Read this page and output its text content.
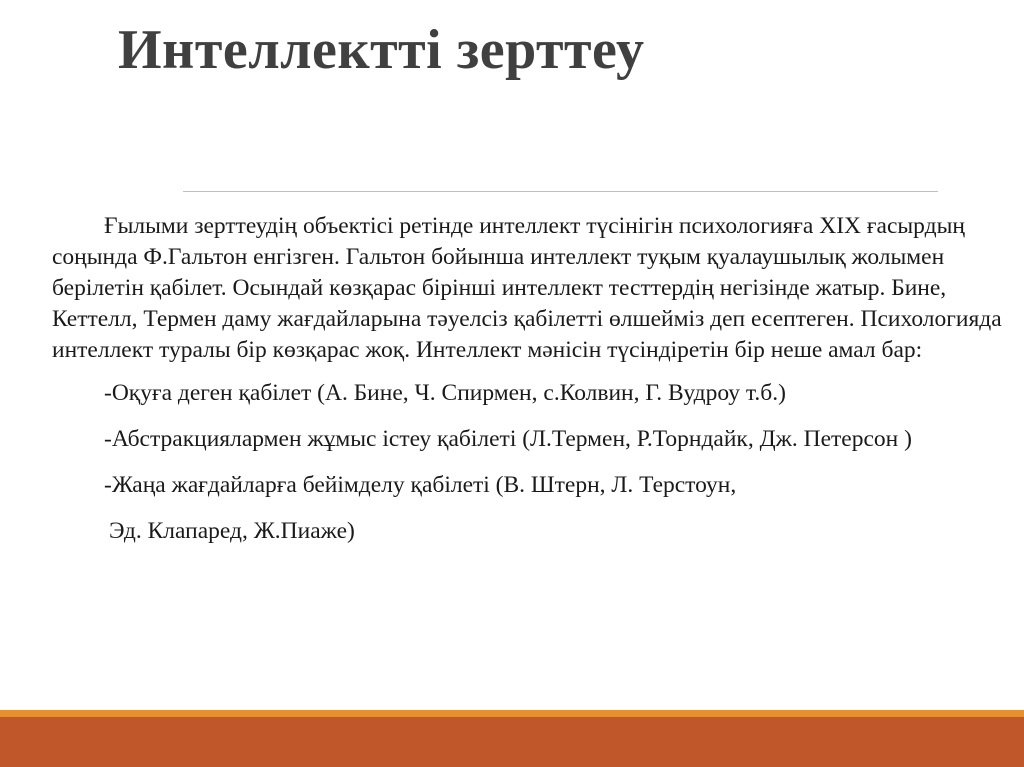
Интеллектті зерттеу

Ғылыми зерттеудің объектісі ретінде интеллект түсінігін психологияға XIX ғасырдың соңында Ф.Гальтон енгізген. Гальтон бойынша интеллект туқым қуалаушылық жолымен берілетін қабілет. Осындай көзқарас бірінші интеллект тесттердің негізінде жатыр. Бине, Кеттелл, Термен даму жағдайларына тәуелсіз қабілетті өлшейміз деп есептеген. Психологияда интеллект туралы бір көзқарас жоқ. Интеллект мәнісін түсіндіретін бір неше амал бар:

-Оқуға деген қабілет (А. Бине, Ч. Спирмен, с.Колвин, Г. Вудроу т.б.)

-Абстракциялармен жұмыс істеу қабілеті (Л.Термен, Р.Торндайк, Дж. Петерсон )

-Жаңа жағдайларға бейімделу қабілеті (В. Штерн, Л. Терстоун,

Эд. Клапаред, Ж.Пиаже)
